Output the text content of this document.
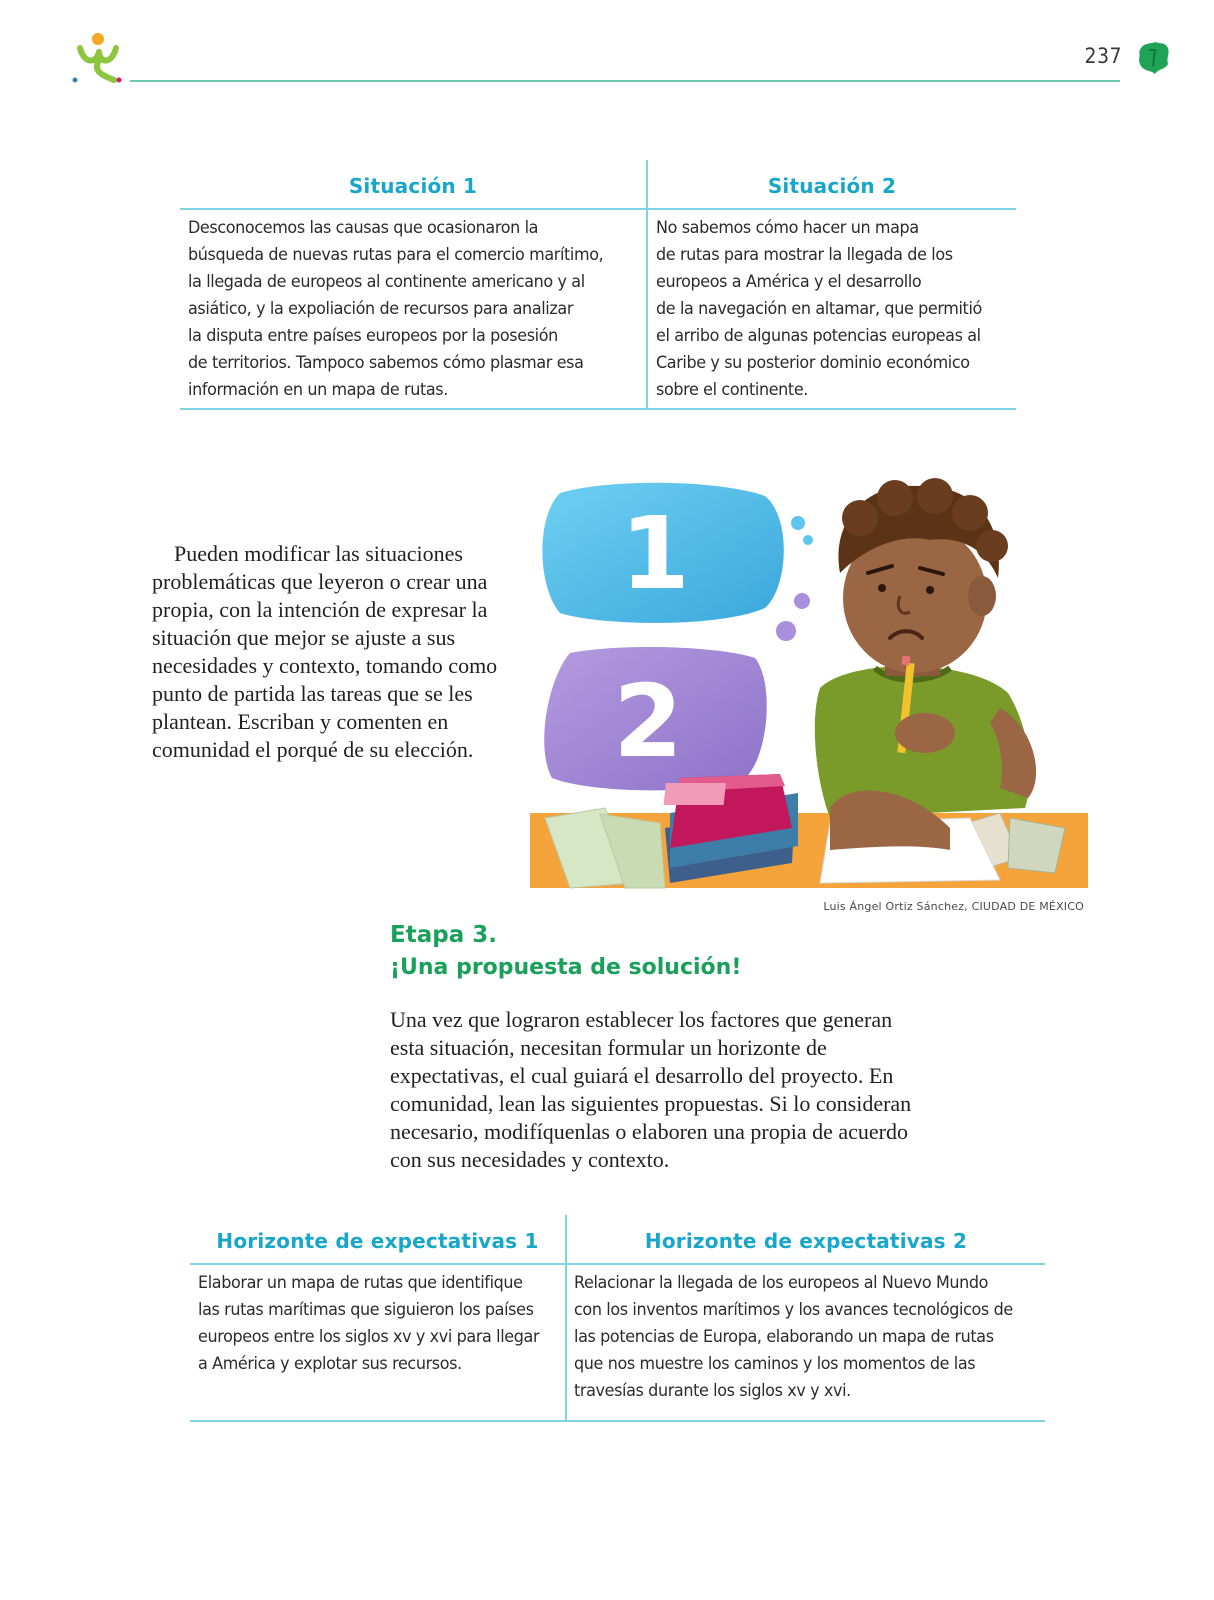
237
Situación 1	Situación 2
Desconocemos las causas que ocasionaron la
búsqueda de nuevas rutas para el comercio marítimo,
la llegada de europeos al continente americano y al
asiático, y la expoliación de recursos para analizar
la disputa entre países europeos por la posesión
de territorios. Tampoco sabemos cómo plasmar esa
información en un mapa de rutas.
No sabemos cómo hacer un mapa
de rutas para mostrar la llegada de los
europeos a América y el desarrollo
de la navegación en altamar, que permitió
el arribo de algunas potencias europeas al
Caribe y su posterior dominio económico
sobre el continente.

Pueden modificar las situaciones problemáticas que leyeron o crear una propia, con la intención de expresar la situación que mejor se ajuste a sus necesidades y contexto, tomando como punto de partida las tareas que se les plantean. Escriban y comenten en comunidad el porqué de su elección.

1
2
Luis Ángel Ortiz Sánchez, CIUDAD DE MÉXICO
Etapa 3.
¡Una propuesta de solución!

Una vez que lograron establecer los factores que generan esta situación, necesitan formular un horizonte de expectativas, el cual guiará el desarrollo del proyecto. En comunidad, lean las siguientes propuestas. Si lo consideran necesario, modifíquenlas o elaboren una propia de acuerdo con sus necesidades y contexto.

Horizonte de expectativas 1	Horizonte de expectativas 2
Elaborar un mapa de rutas que identifique
las rutas marítimas que siguieron los países
europeos entre los siglos xv y xvi para llegar
a América y explotar sus recursos.
Relacionar la llegada de los europeos al Nuevo Mundo
con los inventos marítimos y los avances tecnológicos de
las potencias de Europa, elaborando un mapa de rutas
que nos muestre los caminos y los momentos de las
travesías durante los siglos xv y xvi.
